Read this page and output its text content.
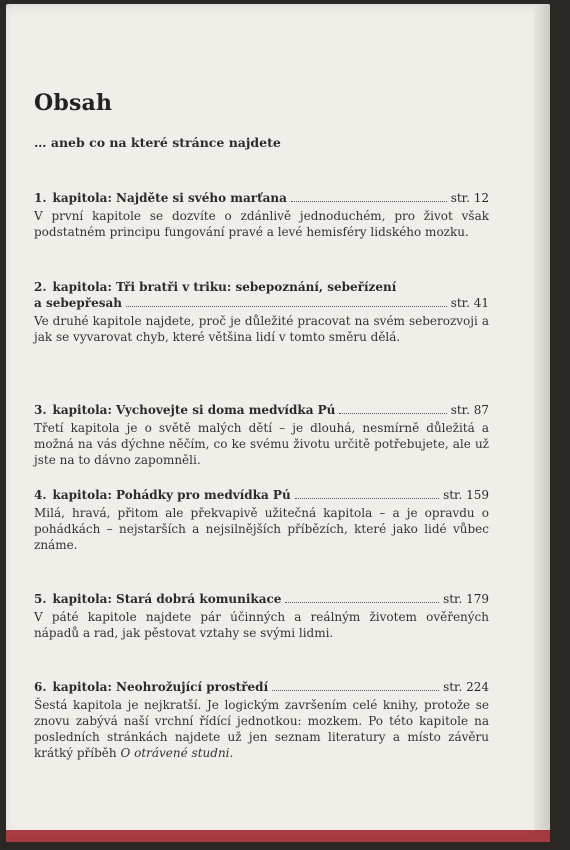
Obsah
… aneb co na které stránce najdete
1. kapitola: Najděte si svého marťana	str. 12
V první kapitole se dozvíte o zdánlivě jednoduchém, pro život však podstatném principu fungování pravé a levé hemisféry lidského mozku.
2. kapitola: Tři bratři v triku: sebepoznání, sebeřízení
a sebepřesah	str. 41
Ve druhé kapitole najdete, proč je důležité pracovat na svém seberozvoji a jak se vyvarovat chyb, které většina lidí v tomto směru dělá.
3. kapitola: Vychovejte si doma medvídka Pú	str. 87
Třetí kapitola je o světě malých dětí – je dlouhá, nesmírně důležitá a možná na vás dýchne něčím, co ke svému životu určitě potřebujete, ale už jste na to dávno zapomněli.
4. kapitola: Pohádky pro medvídka Pú	str. 159
Milá, hravá, přitom ale překvapivě užitečná kapitola – a je opravdu o pohádkách – nejstarších a nejsilnějších příbězích, které jako lidé vůbec známe.
5. kapitola: Stará dobrá komunikace	str. 179
V páté kapitole najdete pár účinných a reálným životem ověřených nápadů a rad, jak pěstovat vztahy se svými lidmi.
6. kapitola: Neohrožující prostředí	str. 224
Šestá kapitola je nejkratší. Je logickým završením celé knihy, protože se znovu zabývá naší vrchní řídící jednotkou: mozkem. Po této kapitole na posledních stránkách najdete už jen seznam literatury a místo závěru krátký příběh O otrávené studni.
